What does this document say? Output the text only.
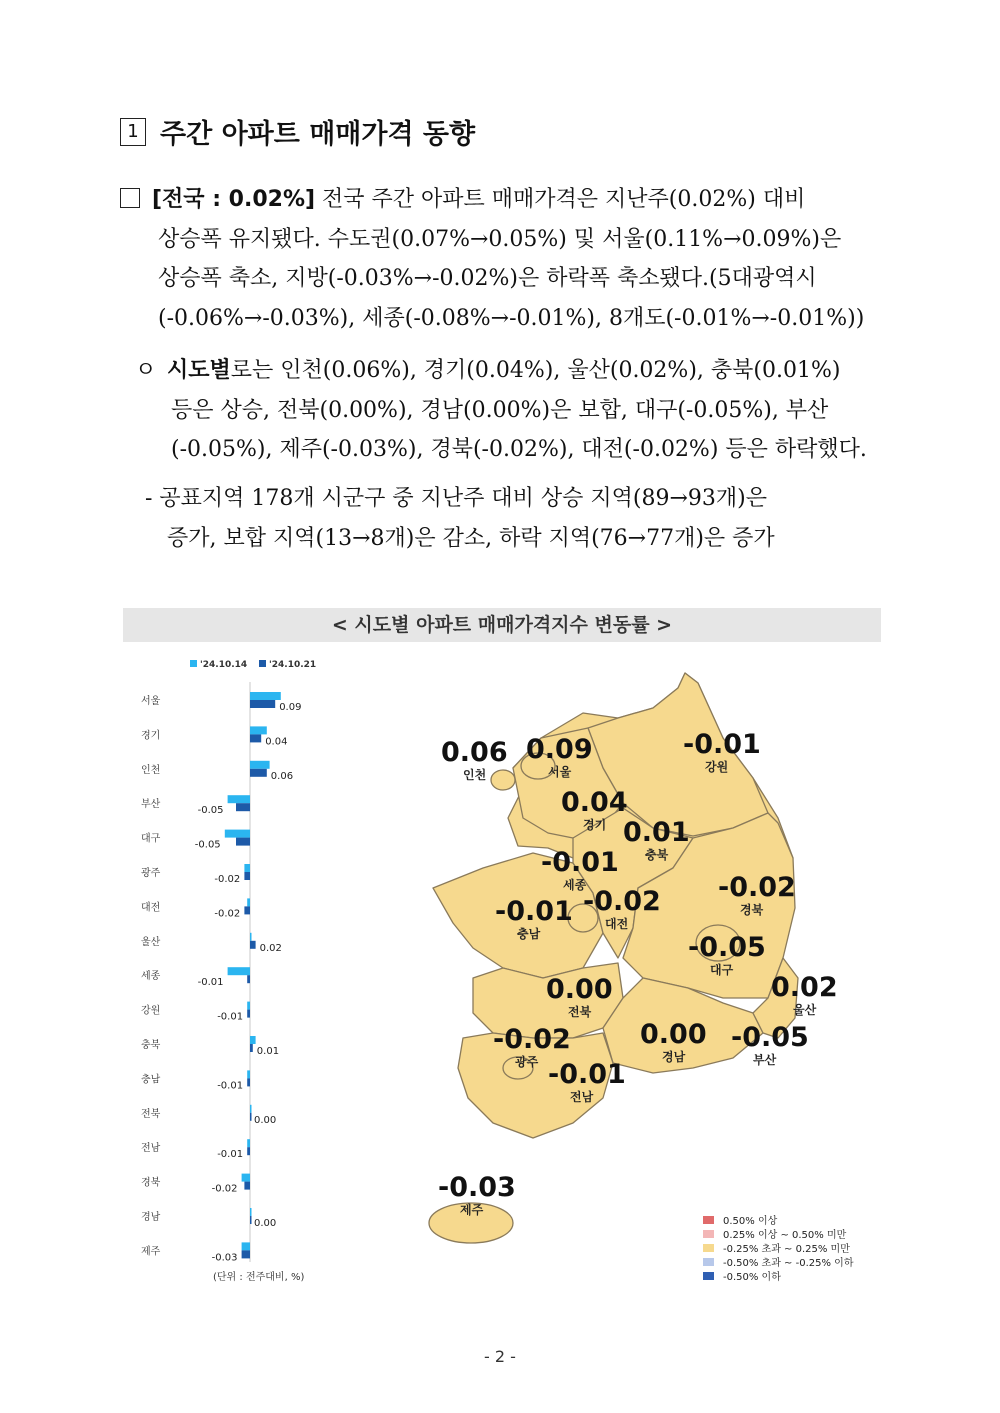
1 주간 아파트 매매가격 동향
[전국 : 0.02%] 전국 주간 아파트 매매가격은 지난주(0.02%) 대비
상승폭 유지됐다. 수도권(0.07%→0.05%) 및 서울(0.11%→0.09%)은
상승폭 축소, 지방(-0.03%→-0.02%)은 하락폭 축소됐다.(5대광역시
(-0.06%→-0.03%), 세종(-0.08%→-0.01%), 8개도(-0.01%→-0.01%))
ㅇ 시도별로는 인천(0.06%), 경기(0.04%), 울산(0.02%), 충북(0.01%)
등은 상승, 전북(0.00%), 경남(0.00%)은 보합, 대구(-0.05%), 부산
(-0.05%), 제주(-0.03%), 경북(-0.02%), 대전(-0.02%) 등은 하락했다.
- 공표지역 178개 시군구 중 지난주 대비 상승 지역(89→93개)은
증가, 보합 지역(13→8개)은 감소, 하락 지역(76→77개)은 증가
< 시도별 아파트 매매가격지수 변동률 >
'24.10.14 '24.10.21
서울
0.09
경기
0.04
인천
0.06
부산
-0.05
대구
-0.05
광주
-0.02
대전
-0.02
울산
0.02
세종
-0.01
강원
-0.01
충북
0.01
충남
-0.01
전북
0.00
전남
-0.01
경북
-0.02
경남
0.00
제주
-0.03
(단위 : 전주대비, %)
0.06
인천
0.09
서울
-0.01
강원
0.04
경기 0.01
충북
-0.01
세종	-0.02
경북
-0.01
충남
-0.02
대전
-0.05
대구
0.00
전북
0.02
울산
-0.02
광주
0.00
경남
-0.05
부산
-0.01
전남
-0.03
제주
0.50% 이상
0.25% 이상 ~ 0.50% 미만
-0.25% 초과 ~ 0.25% 미만
-0.50% 초과 ~ -0.25% 이하
-0.50% 이하
- 2 -
